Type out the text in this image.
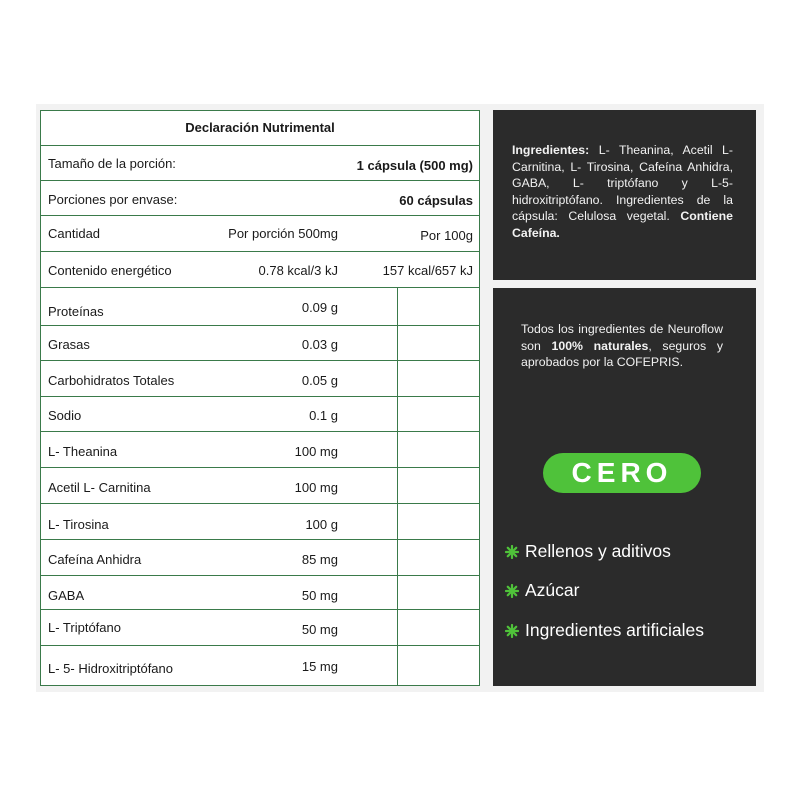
Declaración Nutrimental
Tamaño de la porción:	1 cápsula (500 mg)
Porciones por envase:	60 cápsulas
Cantidad	Por porción 500mg	Por 100g
Contenido energético	0.78 kcal/3 kJ	157 kcal/657 kJ
Proteínas	0.09 g
Grasas	0.03 g
Carbohidratos Totales	0.05 g
Sodio	0.1 g
L- Theanina	100 mg
Acetil L- Carnitina	100 mg
L- Tirosina	100 g
Cafeína Anhidra	85 mg
GABA	50 mg
L- Triptófano	50 mg
L- 5- Hidroxitriptófano	15 mg
Ingredientes: L- Theanina, Acetil L- Carnitina, L- Tirosina, Cafeína Anhidra, GABA, L- triptófano y L-5-hidroxitriptófano. Ingredientes de la cápsula: Celulosa vegetal. Contiene Cafeína.
Todos los ingredientes de Neuroflow son 100% naturales, seguros y aprobados por la COFEPRIS.
CERO
Rellenos y aditivos
Azúcar
Ingredientes artificiales
